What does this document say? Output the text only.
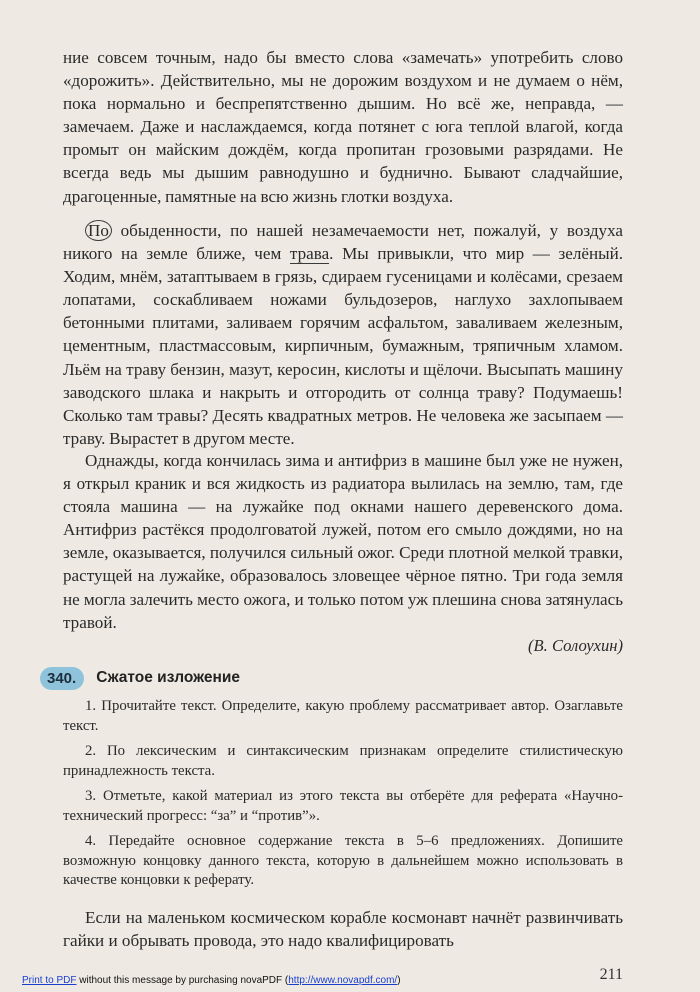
ние совсем точным, надо бы вместо слова «замечать» употребить слово «дорожить». Действительно, мы не дорожим воздухом и не думаем о нём, пока нормально и беспрепятственно дышим. Но всё же, неправда, — замечаем. Даже и наслаждаемся, когда потянет с юга теплой влагой, когда промыт он майским дождём, когда пропитан грозовыми разрядами. Не всегда ведь мы дышим равнодушно и буднично. Бывают сладчайшие, драгоценные, памятные на всю жизнь глотки воздуха.

По обыденности, по нашей незамечаемости нет, пожалуй, у воздуха никого на земле ближе, чем трава. Мы привыкли, что мир — зелёный. Ходим, мнём, затаптываем в грязь, сдираем гусеницами и колёсами, срезаем лопатами, соскабливаем ножами бульдозеров, наглухо захлопываем бетонными плитами, заливаем горячим асфальтом, заваливаем железным, цементным, пластмассовым, кирпичным, бумажным, тряпичным хламом. Льём на траву бензин, мазут, керосин, кислоты и щёлочи. Высыпать машину заводского шлака и накрыть и отгородить от солнца траву? Подумаешь! Сколько там травы? Десять квадратных метров. Не человека же засыпаем — траву. Вырастет в другом месте.

Однажды, когда кончилась зима и антифриз в машине был уже не нужен, я открыл краник и вся жидкость из радиатора вылилась на землю, там, где стояла машина — на лужайке под окнами нашего деревенского дома. Антифриз растёкся продолговатой лужей, потом его смыло дождями, но на земле, оказывается, получился сильный ожог. Среди плотной мелкой травки, растущей на лужайке, образовалось зловещее чёрное пятно. Три года земля не могла залечить место ожога, и только потом уж плешина снова затянулась травой.

(В. Солоухин)
340.	Сжатое изложение

1. Прочитайте текст. Определите, какую проблему рассматривает автор. Озаглавьте текст.

2. По лексическим и синтаксическим признакам определите стилистическую принадлежность текста.

3. Отметьте, какой материал из этого текста вы отберёте для реферата «Научно-технический прогресс: “за” и “против”».

4. Передайте основное содержание текста в 5–6 предложениях. Допишите возможную концовку данного текста, которую в дальнейшем можно использовать в качестве концовки к реферату.

Если на маленьком космическом корабле космонавт начнёт развинчивать гайки и обрывать провода, это надо квалифицировать

211
Print to PDF without this message by purchasing novaPDF (http://www.novapdf.com/)
